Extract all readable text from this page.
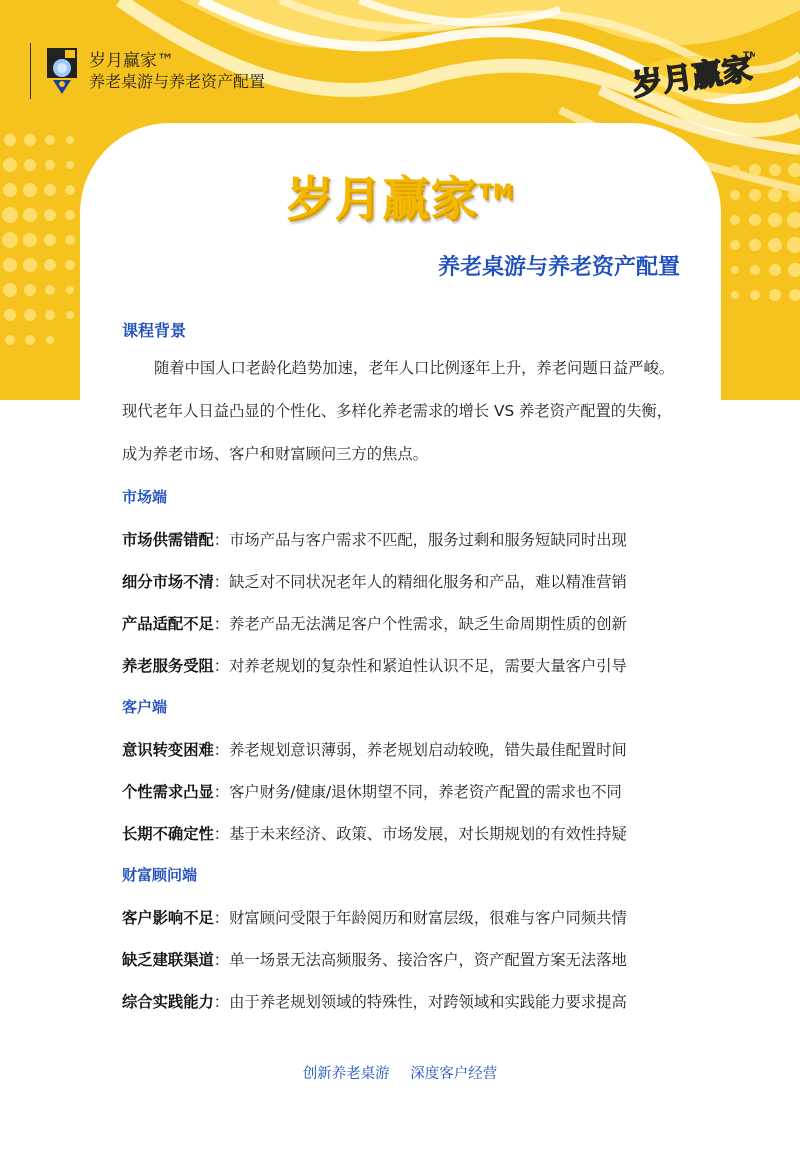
岁月赢家™
养老桌游与养老资产配置	岁月赢家
TM
岁月赢家™
养老桌游与养老资产配置
课程背景

随着中国人口老龄化趋势加速，老年人口比例逐年上升，养老问题日益严峻。现代老年人日益凸显的个性化、多样化养老需求的增长 VS 养老资产配置的失衡，成为养老市场、客户和财富顾问三方的焦点。

市场端
市场供需错配：市场产品与客户需求不匹配，服务过剩和服务短缺同时出现
细分市场不清：缺乏对不同状况老年人的精细化服务和产品，难以精准营销
产品适配不足：养老产品无法满足客户个性需求，缺乏生命周期性质的创新
养老服务受阻：对养老规划的复杂性和紧迫性认识不足，需要大量客户引导
客户端
意识转变困难：养老规划意识薄弱，养老规划启动较晚，错失最佳配置时间
个性需求凸显：客户财务/健康/退休期望不同，养老资产配置的需求也不同
长期不确定性：基于未来经济、政策、市场发展，对长期规划的有效性持疑
财富顾问端
客户影响不足：财富顾问受限于年龄阅历和财富层级，很难与客户同频共情
缺乏建联渠道：单一场景无法高频服务、接洽客户，资产配置方案无法落地
综合实践能力：由于养老规划领域的特殊性，对跨领域和实践能力要求提高
创新养老桌游 深度客户经营
